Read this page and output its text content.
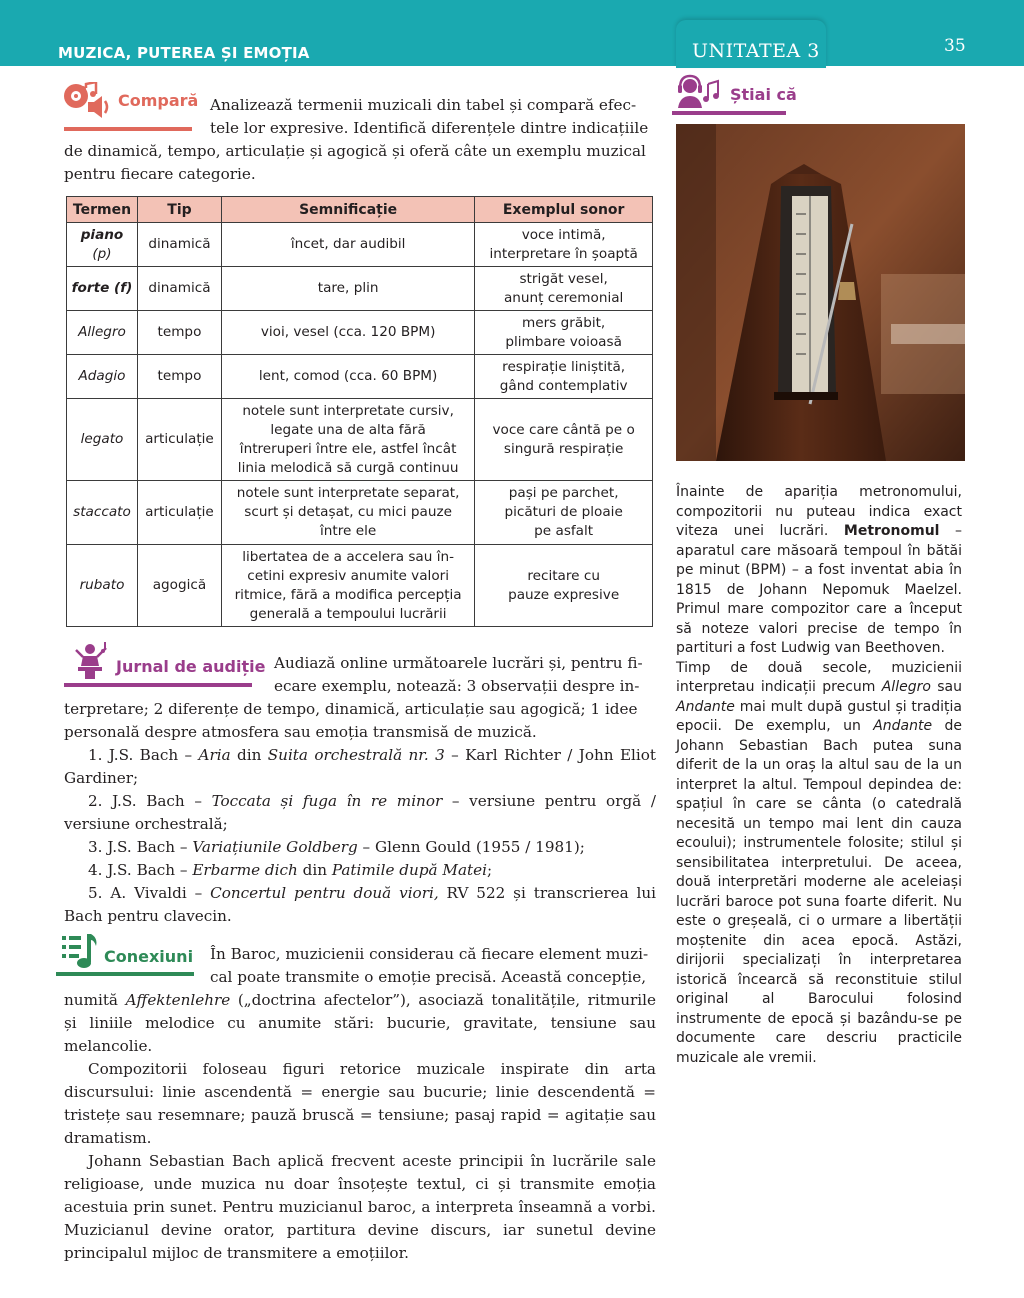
MUZICA, PUTEREA ȘI EMOȚIA	UNITATEA 3	35
Compară Analizează termenii muzicali din tabel și compară efec-

tele lor expresive. Identifică diferențele dintre indicațiile

de dinamică, tempo, articulație și agogică și oferă câte un exemplu muzical

pentru fiecare categorie.

Termen	Tip	Semnificație	Exemplul sonor
piano
(p)	dinamică	încet, dar audibil	voce intimă,
interpretare în șoaptă
forte (f)	dinamică	tare, plin	strigăt vesel,
anunț ceremonial
Allegro	tempo	vioi, vesel (cca. 120 BPM)	mers grăbit,
plimbare voioasă
Adagio	tempo	lent, comod (cca. 60 BPM)	respirație liniștită,
gând contemplativ
legato	articulație	notele sunt interpretate cursiv,
legate una de alta fără
întreruperi între ele, astfel încât
linia melodică să curgă continuu	voce care cântă pe o
singură respirație
staccato	articulație	notele sunt interpretate separat,
scurt și detașat, cu mici pauze
între ele	pași pe parchet,
picături de ploaie
pe asfalt
rubato	agogică	libertatea de a accelera sau în-
cetini expresiv anumite valori
ritmice, fără a modifica percepția
generală a tempoului lucrării	recitare cu
pauze expresive
Jurnal de audiție Audiază online următoarele lucrări și, pentru fi-

ecare exemplu, notează: 3 observații despre in-

terpretare; 2 diferențe de tempo, dinamică, articulație sau agogică; 1 idee

personală despre atmosfera sau emoția transmisă de muzică.

1. J.S. Bach – Aria din Suita orchestrală nr. 3 – Karl Richter / John Eliot Gardiner;

2. J.S. Bach – Toccata și fuga în re minor – versiune pentru orgă / versiune orchestrală;

3. J.S. Bach – Variațiunile Goldberg – Glenn Gould (1955 / 1981);

4. J.S. Bach – Erbarme dich din Patimile după Matei;

5. A. Vivaldi – Concertul pentru două viori, RV 522 și transcrierea lui Bach pentru clavecin.

Conexiuni În Baroc, muzicienii considerau că fiecare element muzi-

cal poate transmite o emoție precisă. Această concepție,

numită Affektenlehre („doctrina afectelor”), asociază tonalitățile, ritmurile și liniile melodice cu anumite stări: bucurie, gravitate, tensiune sau melancolie.

Compozitorii foloseau figuri retorice muzicale inspirate din arta discursului: linie ascendentă = energie sau bucurie; linie descendentă = tristețe sau resemnare; pauză bruscă = tensiune; pasaj rapid = agitație sau dramatism.

Johann Sebastian Bach aplică frecvent aceste principii în lucrările sale religioase, unde muzica nu doar însoțește textul, ci și transmite emoția acestuia prin sunet. Pentru muzicianul baroc, a interpreta înseamnă a vorbi. Muzicianul devine orator, partitura devine discurs, iar sunetul devine principalul mijloc de transmitere a emoțiilor.

Știai că

Înainte de apariția metronomului, compozitorii nu puteau indica exact viteza unei lucrări. Metronomul – aparatul care măsoară tempoul în bătăi pe minut (BPM) – a fost inventat abia în 1815 de Johann Nepomuk Maelzel. Primul mare compozitor care a început să noteze valori precise de tempo în partituri a fost Ludwig van Beethoven.

Timp de două secole, muzicienii interpretau indicații precum Allegro sau Andante mai mult după gustul și tradiția epocii. De exemplu, un Andante de Johann Sebastian Bach putea suna diferit de la un oraș la altul sau de la un interpret la altul. Tempoul depindea de: spațiul în care se cânta (o catedrală necesită un tempo mai lent din cauza ecoului); instrumentele folosite; stilul și sensibilitatea interpretului. De aceea, două interpretări moderne ale aceleiași lucrări baroce pot suna foarte diferit. Nu este o greșeală, ci o urmare a libertății moștenite din acea epocă. Astăzi, dirijorii specializați în interpretarea istorică încearcă să reconstituie stilul original al Barocului folosind instrumente de epocă și bazându-se pe documente care descriu practicile muzicale ale vremii.
